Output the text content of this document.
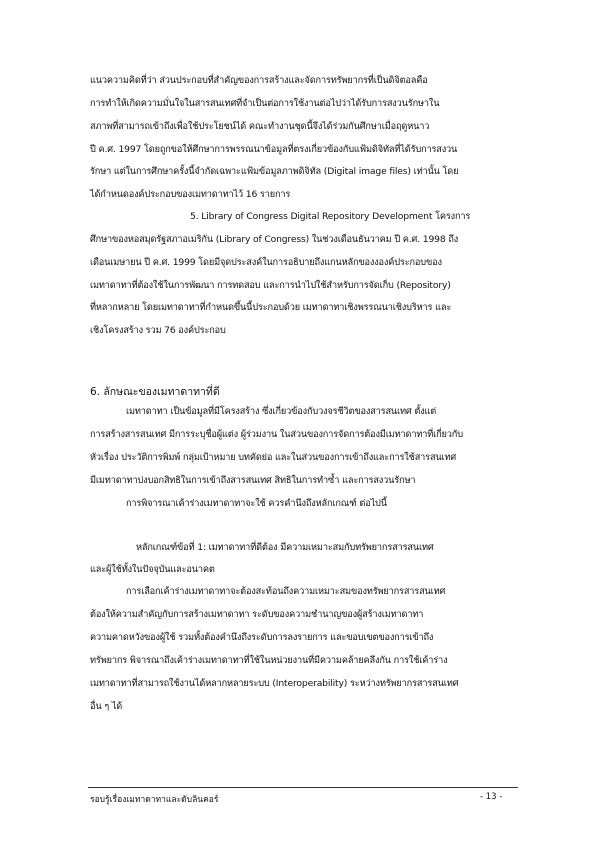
แนวความคิดที่ว่า ส่วนประกอบที่สำคัญของการสร้างและจัดการทรัพยากรที่เป็นดิจิตอลคือ
การทำให้เกิดความมั่นใจในสารสนเทศที่จำเป็นต่อการใช้งานต่อไปว่าได้รับการสงวนรักษาใน
สภาพที่สามารถเข้าถึงเพื่อใช้ประโยชน์ได้ คณะทำงานชุดนี้จึงได้ร่วมกันศึกษาเมื่อฤดูหนาว
ปี ค.ศ. 1997 โดยถูกขอให้ศึกษาการพรรณนาข้อมูลที่ตรงเกี่ยวข้องกับแฟ้มดิจิทัลที่ได้รับการสงวน
รักษา แต่ในการศึกษาครั้งนี้จำกัดเฉพาะแฟ้มข้อมูลภาพดิจิทัล (Digital image files) เท่านั้น โดย
ได้กำหนดองค์ประกอบของเมทาดาทาไว้ 16 รายการ
5. Library of Congress Digital Repository Development โครงการ
ศึกษาของหอสมุดรัฐสภาอเมริกัน (Library of Congress) ในช่วงเดือนธันวาคม ปี ค.ศ. 1998 ถึง
เดือนเมษายน ปี ค.ศ. 1999 โดยมีจุดประสงค์ในการอธิบายถึงแกนหลักของงองค์ประกอบของ
เมทาดาทาที่ต้องใช้ในการพัฒนา การทดสอบ และการนำไปใช้สำหรับการจัดเก็บ (Repository)
ที่หลากหลาย โดยเมทาดาทาที่กำหนดขึ้นนี้ประกอบด้วย เมทาดาทาเชิงพรรณนาเชิงบริหาร และ
เชิงโครงสร้าง รวม 76 องค์ประกอบ
6. ลักษณะของเมทาดาทาที่ดี
เมทาดาทา เป็นข้อมูลที่มีโครงสร้าง ซึ่งเกี่ยวข้องกับวงจรชีวิตของสารสนเทศ ตั้งแต่
การสร้างสารสนเทศ มีการระบุชื่อผู้แต่ง ผู้ร่วมงาน ในส่วนของการจัดการต้องมีเมทาดาทาที่เกี่ยวกับ
หัวเรื่อง ประวัติการพิมพ์ กลุ่มเป้าหมาย บทคัดย่อ และในส่วนของการเข้าถึงและการใช้สารสนเทศ
มีเมทาดาทาบ่งบอกสิทธิในการเข้าถึงสารสนเทศ สิทธิในการทำซ้ำ และการสงวนรักษา
การพิจารณาเค้าร่างเมทาดาทาจะใช้ ควรคำนึงถึงหลักเกณฑ์ ต่อไปนี้
หลักเกณฑ์ข้อที่ 1: เมทาดาทาที่ดีต้อง มีความเหมาะสมกับทรัพยากรสารสนเทศ
และผู้ใช้ทั้งในปัจจุบันและอนาคต
การเลือกเค้าร่างเมทาดาทาจะต้องสะท้อนถึงความเหมาะสมของทรัพยากรสารสนเทศ
ต้องให้ความสำคัญกับการสร้างเมทาดาทา ระดับของความชำนาญของผู้สร้างเมทาดาทา
ความคาดหวังของผู้ใช้ รวมทั้งต้องคำนึงถึงระดับการลงรายการ และขอบเขตของการเข้าถึง
ทรัพยากร พิจารณาถึงเค้าร่างเมทาดาทาที่ใช้ในหน่วยงานที่มีความคล้ายคลึงกัน การใช้เค้าร่าง
เมทาดาทาที่สามารถใช้งานได้หลากหลายระบบ (Interoperability) ระหว่างทรัพยากรสารสนเทศ
อื่น ๆ ได้
รอบรู้เรื่องเมทาดาทาและดับลินคอร์	- 13 -
